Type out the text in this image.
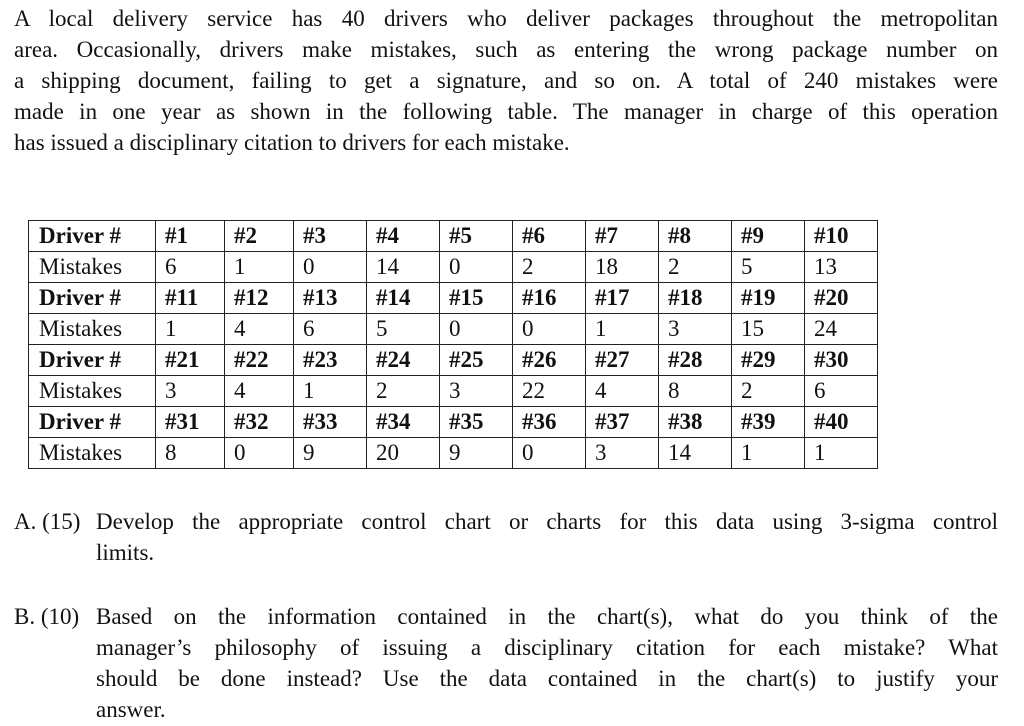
A local delivery service has 40 drivers who deliver packages throughout the metropolitan
area. Occasionally, drivers make mistakes, such as entering the wrong package number on
a shipping document, failing to get a signature, and so on. A total of 240 mistakes were
made in one year as shown in the following table. The manager in charge of this operation
has issued a disciplinary citation to drivers for each mistake.
Driver #	#1	#2	#3	#4	#5	#6	#7	#8	#9	#10
Mistakes	6	1	0	14	0	2	18	2	5	13
Driver #	#11	#12	#13	#14	#15	#16	#17	#18	#19	#20
Mistakes	1	4	6	5	0	0	1	3	15	24
Driver #	#21	#22	#23	#24	#25	#26	#27	#28	#29	#30
Mistakes	3	4	1	2	3	22	4	8	2	6
Driver #	#31	#32	#33	#34	#35	#36	#37	#38	#39	#40
Mistakes	8	0	9	20	9	0	3	14	1	1
A. (15) Develop the appropriate control chart or charts for this data using 3-sigma control
limits.
B. (10) Based on the information contained in the chart(s), what do you think of the
manager’s philosophy of issuing a disciplinary citation for each mistake? What
should be done instead? Use the data contained in the chart(s) to justify your
answer.
